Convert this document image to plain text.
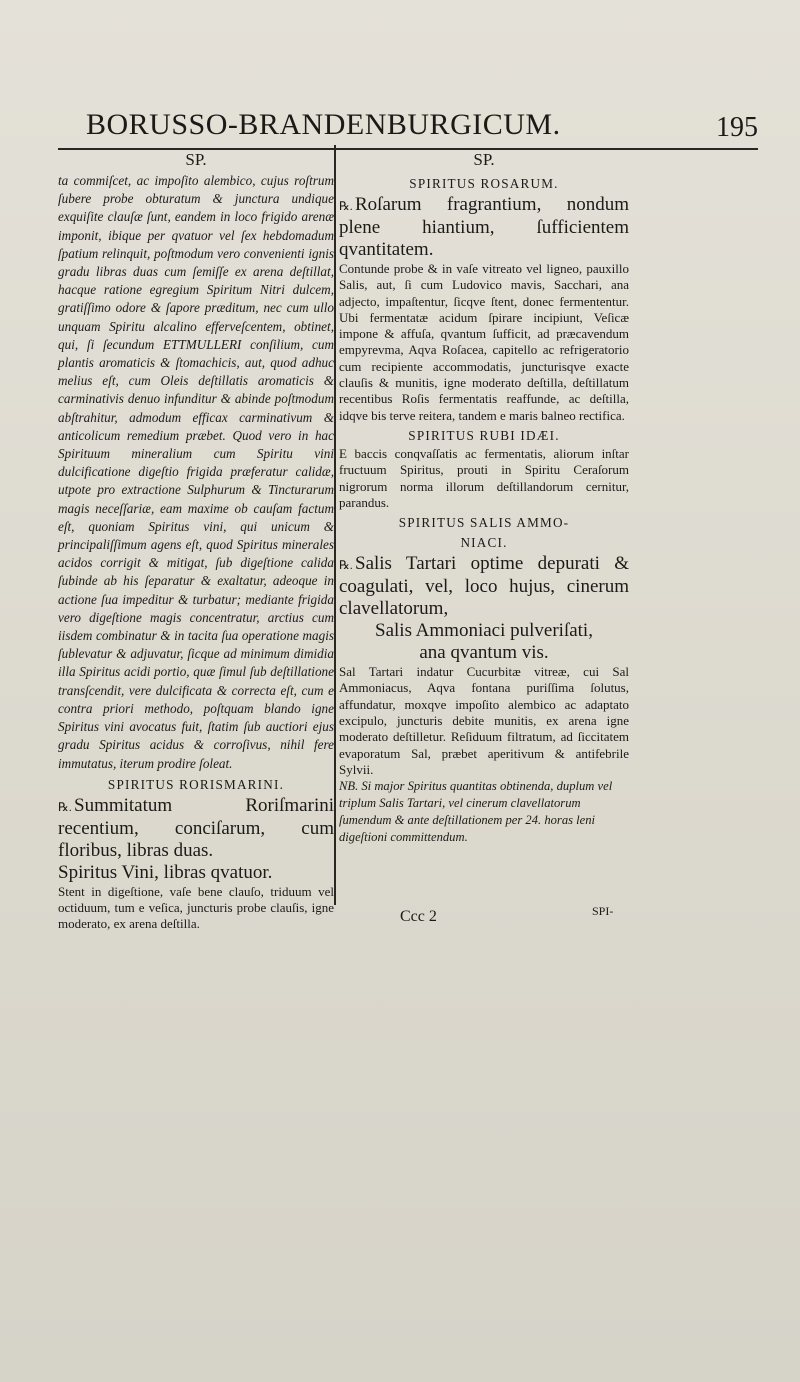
BORUSSO-BRANDENBURGICUM.	195
SP.

ta commiſcet, ac impoſito alembico, cujus roſtrum ſubere probe obturatum & junctura undique exquiſite clauſæ ſunt, eandem in loco frigido arenæ imponit, ibique per qvatuor vel ſex hebdomadum ſpatium relinquit, poſtmodum vero convenienti ignis gradu libras duas cum ſemiſſe ex arena deſtillat, hacque ratione egregium Spiritum Nitri dulcem, gratiſſimo odore & ſapore præditum, nec cum ullo unquam Spiritu alcalino efferveſcentem, obtinet, qui, ſi ſecundum ETTMULLERI conſilium, cum plantis aromaticis & ſtomachicis, aut, quod adhuc melius eſt, cum Oleis deſtillatis aromaticis & carminativis denuo infunditur & abinde poſtmodum abſtrahitur, admodum efficax carminativum & anticolicum remedium præbet. Quod vero in hac Spirituum mineralium cum Spiritu vini dulcificatione digeſtio frigida præferatur calidæ, utpote pro extractione Sulphurum & Tincturarum magis neceſſariæ, eam maxime ob cauſam factum eſt, quoniam Spiritus vini, qui unicum & principaliſſimum agens eſt, quod Spiritus minerales acidos corrigit & mitigat, ſub digeſtione calida ſubinde ab his ſeparatur & exaltatur, adeoque in actione ſua impeditur & turbatur; mediante frigida vero digeſtione magis concentratur, arctius cum iisdem combinatur & in tacita ſua operatione magis ſublevatur & adjuvatur, ſicque ad minimum dimidia illa Spiritus acidi portio, quæ ſimul ſub deſtillatione transſcendit, vere dulcificata & correcta eſt, cum e contra priori methodo, poſtquam blando igne Spiritus vini avocatus fuit, ſtatim ſub auctiori ejus gradu Spiritus acidus & corroſivus, nihil fere immutatus, iterum prodire ſoleat.

SPIRITUS RORISMARINI.

℞. Summitatum Roriſmarini recentium, conciſarum, cum floribus, libras duas.

Spiritus Vini, libras qvatuor.

Stent in digeſtione, vaſe bene clauſo, triduum vel octiduum, tum e veſica, juncturis probe clauſis, igne moderato, ex arena deſtilla.

SP.
SPIRITUS ROSARUM.

℞. Roſarum fragrantium, nondum plene hiantium, ſufficientem qvantitatem.

Contunde probe & in vaſe vitreato vel ligneo, pauxillo Salis, aut, ſi cum Ludovico mavis, Sacchari, ana adjecto, impaſtentur, ſicqve ſtent, donec fermententur. Ubi fermentatæ acidum ſpirare incipiunt, Veſicæ impone & affuſa, qvantum ſufficit, ad præcavendum empyrevma, Aqva Roſacea, capitello ac refrigeratorio cum recipiente accommodatis, juncturisqve exacte clauſis & munitis, igne moderato deſtilla, deſtillatum recentibus Roſis fermentatis reaffunde, ac deſtilla, idqve bis terve reitera, tandem e maris balneo rectifica.

SPIRITUS RUBI IDÆI.

E baccis conqvaſſatis ac fermentatis, aliorum inſtar fructuum Spiritus, prouti in Spiritu Ceraſorum nigrorum norma illorum deſtillandorum cernitur, parandus.

SPIRITUS SALIS AMMO-
NIACI.

℞. Salis Tartari optime depurati & coagulati, vel, loco hujus, cinerum clavellatorum,

Salis Ammoniaci pulveriſati,

ana qvantum vis.

Sal Tartari indatur Cucurbitæ vitreæ, cui Sal Ammoniacus, Aqva fontana puriſſima ſolutus, affundatur, moxqve impoſito alembico ac adaptato excipulo, juncturis debite munitis, ex arena igne moderato deſtilletur. Reſiduum filtratum, ad ſiccitatem evaporatum Sal, præbet aperitivum & antifebrile Sylvii.

NB. Si major Spiritus quantitas obtinenda, duplum vel triplum Salis Tartari, vel cinerum clavellatorum ſumendum & ante deſtillationem per 24. horas leni digeſtioni committendum.

Ccc 2	SPI-
